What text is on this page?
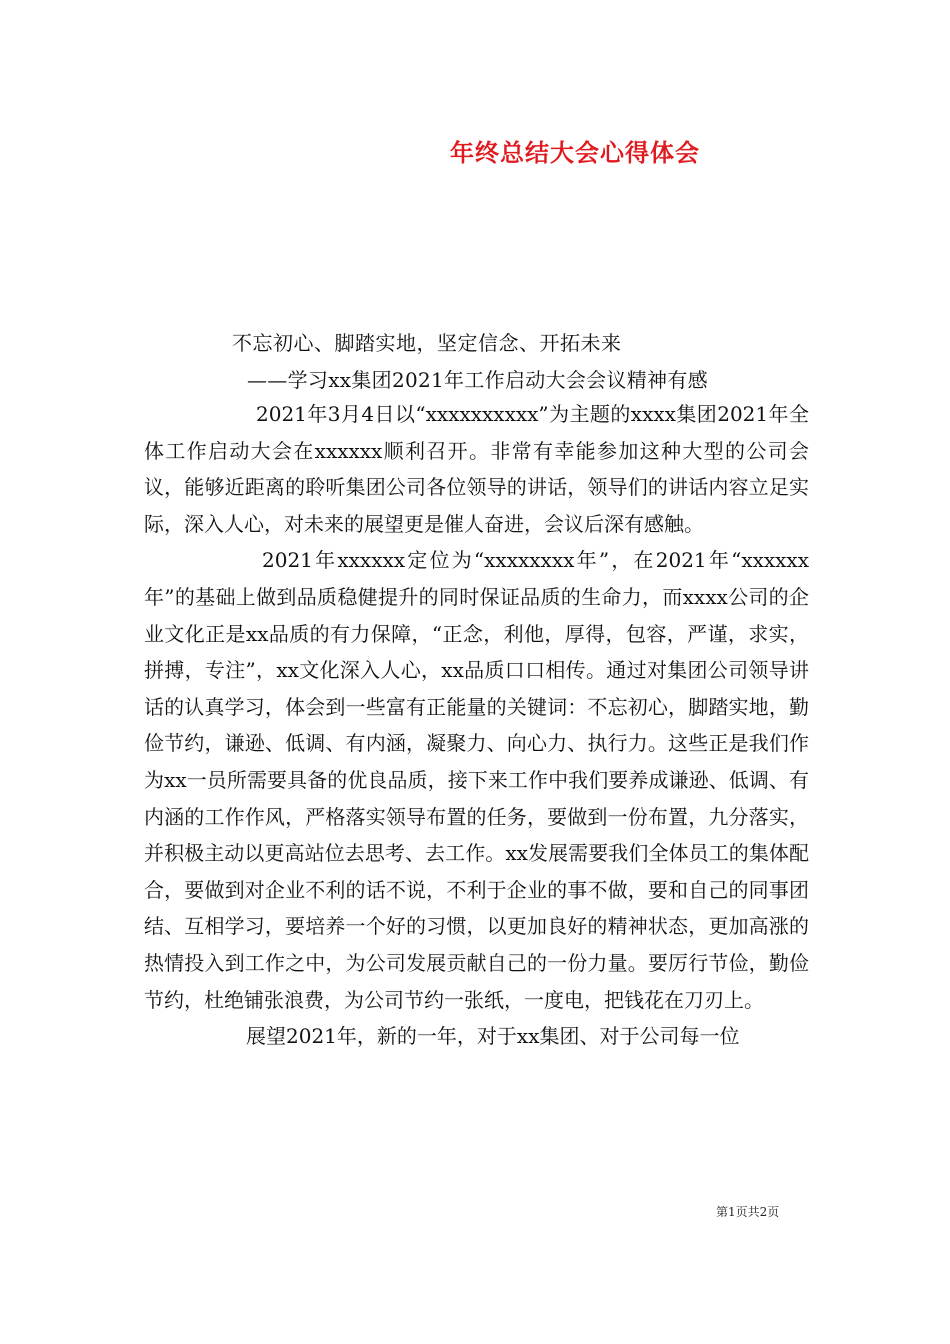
年终总结大会心得体会
不忘初心、脚踏实地，坚定信念、开拓未来
——学习xx集团2021年工作启动大会会议精神有感

2021年3月4日以“xxxxxxxxxx”为主题的xxxx集团2021年全体工作启动大会在xxxxxx顺利召开。非常有幸能参加这种大型的公司会议，能够近距离的聆听集团公司各位领导的讲话，领导们的讲话内容立足实际，深入人心，对未来的展望更是催人奋进，会议后深有感触。

2021年xxxxxx定位为“xxxxxxxx年”，在2021年“xxxxxx年”的基础上做到品质稳健提升的同时保证品质的生命力，而xxxx公司的企业文化正是xx品质的有力保障，“正念，利他，厚得，包容，严谨，求实，拼搏，专注”，xx文化深入人心，xx品质口口相传。通过对集团公司领导讲话的认真学习，体会到一些富有正能量的关键词：不忘初心，脚踏实地，勤俭节约，谦逊、低调、有内涵，凝聚力、向心力、执行力。这些正是我们作为xx一员所需要具备的优良品质，接下来工作中我们要养成谦逊、低调、有内涵的工作作风，严格落实领导布置的任务，要做到一份布置，九分落实，并积极主动以更高站位去思考、去工作。xx发展需要我们全体员工的集体配合，要做到对企业不利的话不说，不利于企业的事不做，要和自己的同事团结、互相学习，要培养一个好的习惯，以更加良好的精神状态，更加高涨的热情投入到工作之中，为公司发展贡献自己的一份力量。要厉行节俭，勤俭节约，杜绝铺张浪费，为公司节约一张纸，一度电，把钱花在刀刃上。

展望2021年，新的一年，对于xx集团、对于公司每一位

第1页共2页
